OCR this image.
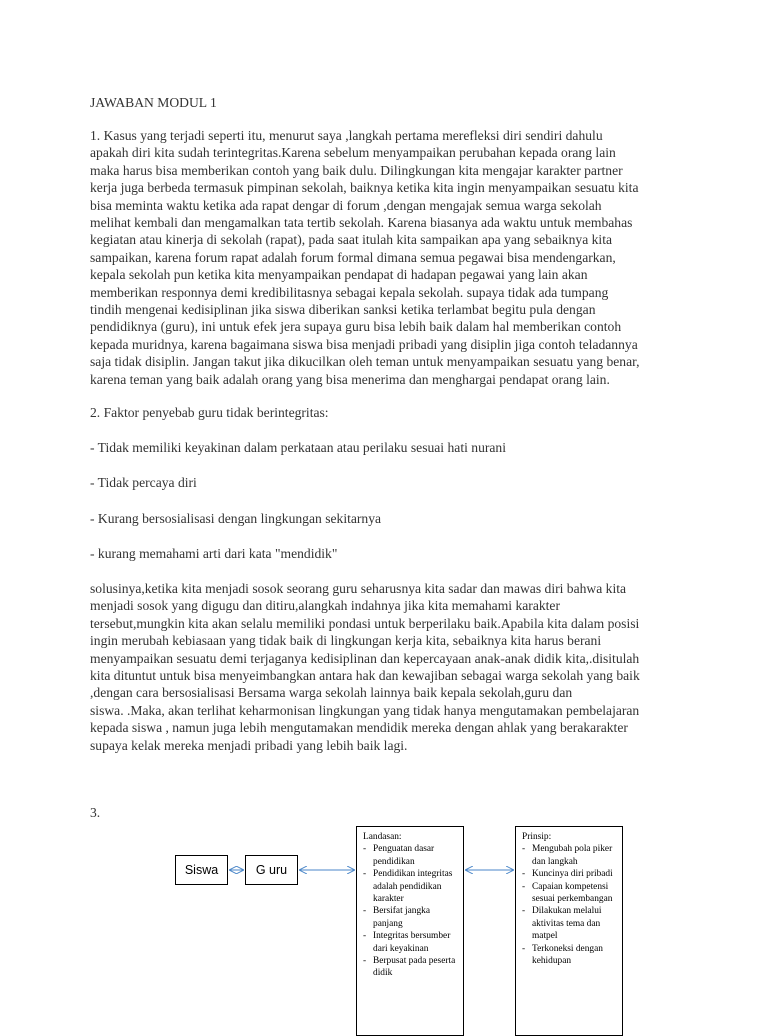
JAWABAN MODUL 1
1. Kasus yang terjadi seperti itu, menurut saya ,langkah pertama merefleksi diri sendiri dahulu
apakah diri kita sudah terintegritas.Karena sebelum menyampaikan perubahan kepada orang lain
maka harus bisa memberikan contoh yang baik dulu. Dilingkungan kita mengajar karakter partner
kerja juga berbeda termasuk pimpinan sekolah, baiknya ketika kita ingin menyampaikan sesuatu kita
bisa meminta waktu ketika ada rapat dengar di forum ,dengan mengajak semua warga sekolah
melihat kembali dan mengamalkan tata tertib sekolah. Karena biasanya ada waktu untuk membahas
kegiatan atau kinerja di sekolah (rapat), pada saat itulah kita sampaikan apa yang sebaiknya kita
sampaikan, karena forum rapat adalah forum formal dimana semua pegawai bisa mendengarkan,
kepala sekolah pun ketika kita menyampaikan pendapat di hadapan pegawai yang lain akan
memberikan responnya demi kredibilitasnya sebagai kepala sekolah. supaya tidak ada tumpang
tindih mengenai kedisiplinan jika siswa diberikan sanksi ketika terlambat begitu pula dengan
pendidiknya (guru), ini untuk efek jera supaya guru bisa lebih baik dalam hal memberikan contoh
kepada muridnya, karena bagaimana siswa bisa menjadi pribadi yang disiplin jiga contoh teladannya
saja tidak disiplin. Jangan takut jika dikucilkan oleh teman untuk menyampaikan sesuatu yang benar,
karena teman yang baik adalah orang yang bisa menerima dan menghargai pendapat orang lain.
2. Faktor penyebab guru tidak berintegritas:
- Tidak memiliki keyakinan dalam perkataan atau perilaku sesuai hati nurani
- Tidak percaya diri
- Kurang bersosialisasi dengan lingkungan sekitarnya
- kurang memahami arti dari kata "mendidik"
solusinya,ketika kita menjadi sosok seorang guru seharusnya kita sadar dan mawas diri bahwa kita
menjadi sosok yang digugu dan ditiru,alangkah indahnya jika kita memahami karakter
tersebut,mungkin kita akan selalu memiliki pondasi untuk berperilaku baik.Apabila kita dalam posisi
ingin merubah kebiasaan yang tidak baik di lingkungan kerja kita, sebaiknya kita harus berani
menyampaikan sesuatu demi terjaganya kedisiplinan dan kepercayaan anak-anak didik kita,.disitulah
kita dituntut untuk bisa menyeimbangkan antara hak dan kewajiban sebagai warga sekolah yang baik
,dengan cara bersosialisasi Bersama warga sekolah lainnya baik kepala sekolah,guru dan
siswa. .Maka, akan terlihat keharmonisan lingkungan yang tidak hanya mengutamakan pembelajaran
kepada siswa , namun juga lebih mengutamakan mendidik mereka dengan ahlak yang berakarakter
supaya kelak mereka menjadi pribadi yang lebih baik lagi.
3.
Siswa	G uru
Landasan:
- Penguatan dasar pendidikan
- Pendidikan integritas adalah pendidikan karakter
- Bersifat jangka panjang
- Integritas bersumber dari keyakinan
- Berpusat pada peserta didik
Prinsip:
- Mengubah pola piker dan langkah
- Kuncinya diri pribadi
- Capaian kompetensi sesuai perkembangan
- Dilakukan melalui aktivitas tema dan matpel
- Terkoneksi dengan kehidupan
